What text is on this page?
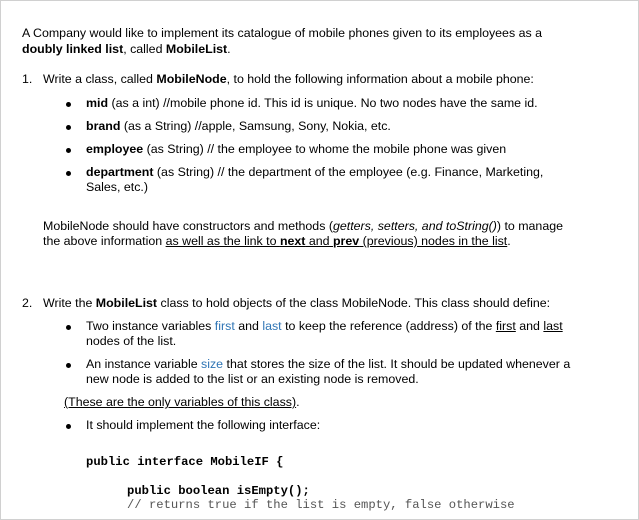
A Company would like to implement its catalogue of mobile phones given to its employees as a

doubly linked list, called MobileList.

1. Write a class, called MobileNode, to hold the following information about a mobile phone:

mid (as a int) //mobile phone id. This id is unique. No two nodes have the same id.

brand (as a String) //apple, Samsung, Sony, Nokia, etc.

employee (as String) // the employee to whome the mobile phone was given

department (as String) // the department of the employee (e.g. Finance, Marketing,

Sales, etc.)

MobileNode should have constructors and methods (getters, setters, and toString()) to manage

the above information as well as the link to next and prev (previous) nodes in the list.

2. Write the MobileList class to hold objects of the class MobileNode. This class should define:

Two instance variables first and last to keep the reference (address) of the first and last

nodes of the list.

An instance variable size that stores the size of the list. It should be updated whenever a

new node is added to the list or an existing node is removed.

(These are the only variables of this class).

It should implement the following interface:

public interface MobileIF {

public boolean isEmpty();

// returns true if the list is empty, false otherwise
